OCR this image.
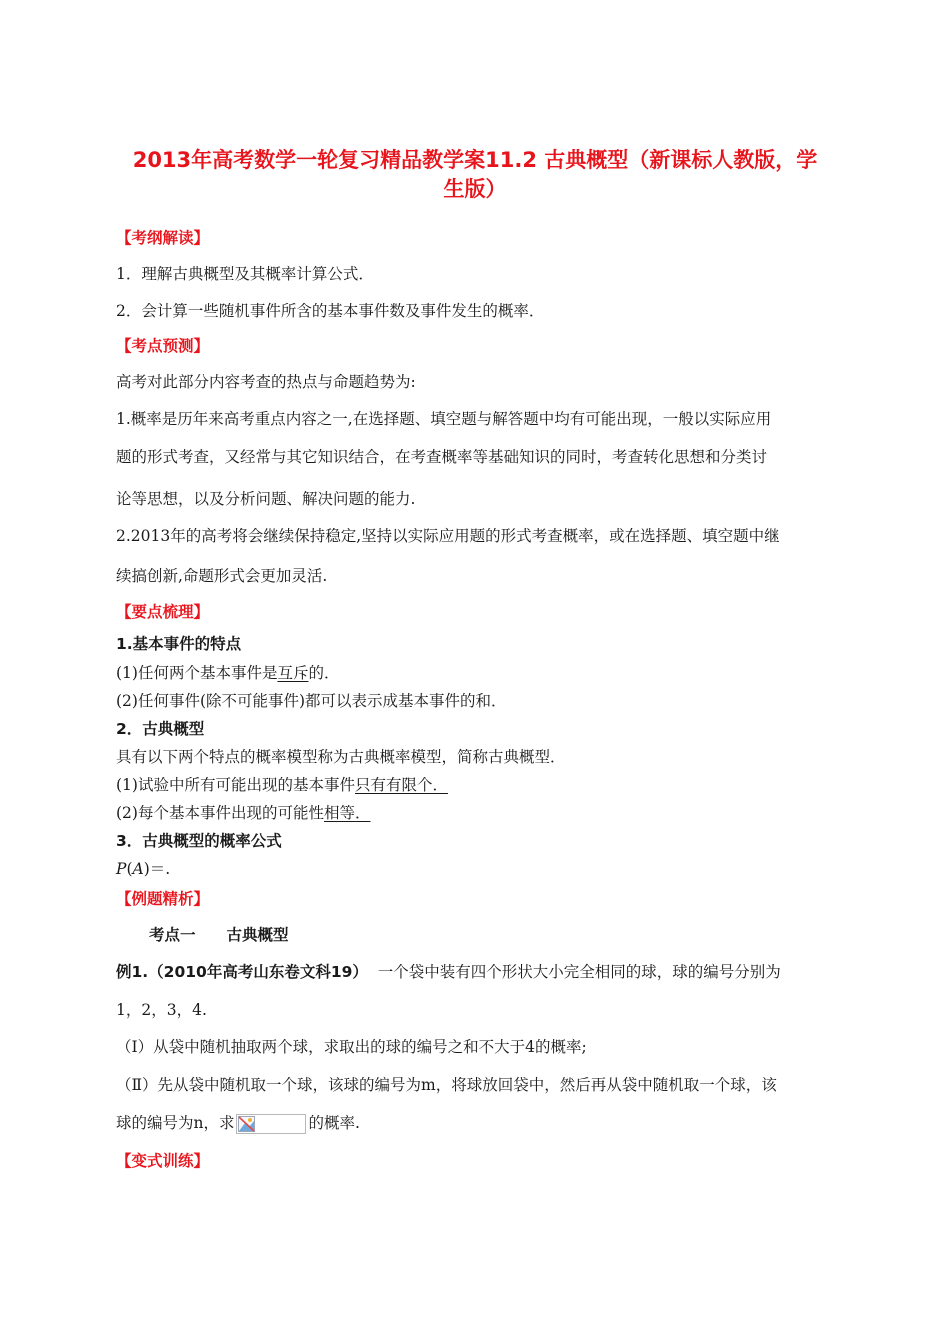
2013年高考数学一轮复习精品教学案11.2 古典概型（新课标人教版，学
生版）
【考纲解读】
1．理解古典概型及其概率计算公式．
2．会计算一些随机事件所含的基本事件数及事件发生的概率．
【考点预测】
高考对此部分内容考查的热点与命题趋势为:
1.概率是历年来高考重点内容之一,在选择题、填空题与解答题中均有可能出现，一般以实际应用
题的形式考查，又经常与其它知识结合，在考查概率等基础知识的同时，考查转化思想和分类讨
论等思想，以及分析问题、解决问题的能力.
2.2013年的高考将会继续保持稳定,坚持以实际应用题的形式考查概率，或在选择题、填空题中继
续搞创新,命题形式会更加灵活.
【要点梳理】
1.基本事件的特点
(1)任何两个基本事件是互斥的．
(2)任何事件(除不可能事件)都可以表示成基本事件的和．
2．古典概型
具有以下两个特点的概率模型称为古典概率模型，简称古典概型．
(1)试验中所有可能出现的基本事件只有有限个．
(2)每个基本事件出现的可能性相等．
3．古典概型的概率公式
P(A)＝.
【例题精析】
考点一　　古典概型
例1.（2010年高考山东卷文科19） 一个袋中装有四个形状大小完全相同的球，球的编号分别为
1，2，3，4.
（Ⅰ）从袋中随机抽取两个球，求取出的球的编号之和不大于4的概率;
（Ⅱ）先从袋中随机取一个球，该球的编号为m，将球放回袋中，然后再从袋中随机取一个球，该
球的编号为n，求	的概率.
【变式训练】
